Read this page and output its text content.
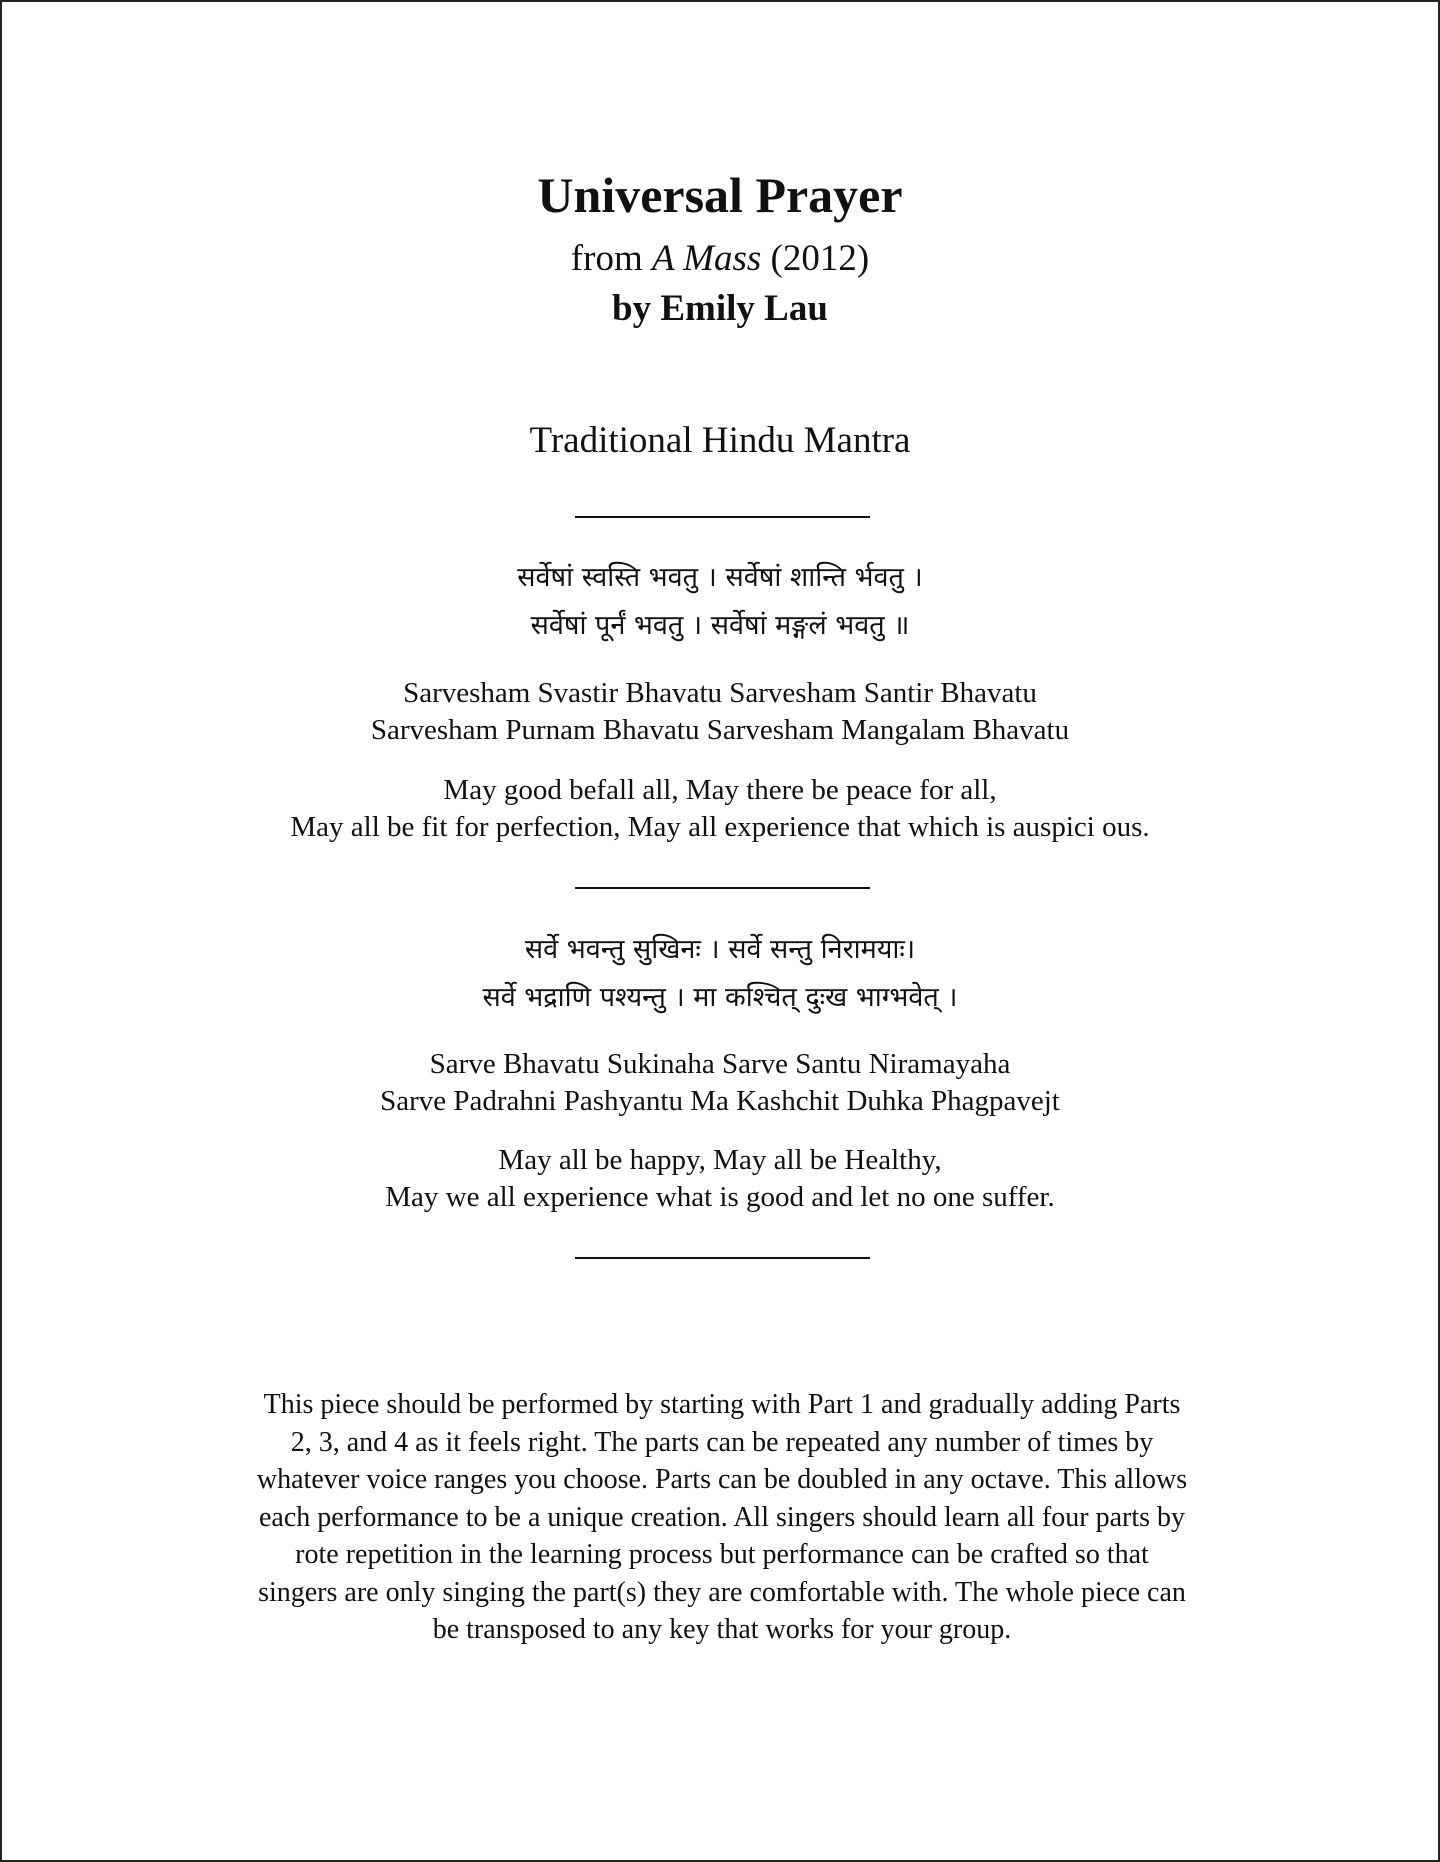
Universal Prayer
from A Mass (2012)
by Emily Lau
Traditional Hindu Mantra
सर्वेषां स्वस्ति भवतु । सर्वेषां शान्ति र्भवतु ।
सर्वेषां पूर्नं भवतु । सर्वेषां मङ्गलं भवतु ॥
Sarvesham Svastir Bhavatu Sarvesham Santir Bhavatu
Sarvesham Purnam Bhavatu Sarvesham Mangalam Bhavatu
May good befall all, May there be peace for all,
May all be fit for perfection, May all experience that which is auspici ous.
सर्वे भवन्तु सुखिनः । सर्वे सन्तु निरामयाः।
सर्वे भद्राणि पश्यन्तु । मा कश्चित् दुःख भाग्भवेत् ।
Sarve Bhavatu Sukinaha Sarve Santu Niramayaha
Sarve Padrahni Pashyantu Ma Kashchit Duhka Phagpavejt
May all be happy, May all be Healthy,
May we all experience what is good and let no one suffer.
This piece should be performed by starting with Part 1 and gradually adding Parts
2, 3, and 4 as it feels right. The parts can be repeated any number of times by
whatever voice ranges you choose. Parts can be doubled in any octave. This allows
each performance to be a unique creation. All singers should learn all four parts by
rote repetition in the learning process but performance can be crafted so that
singers are only singing the part(s) they are comfortable with. The whole piece can
be transposed to any key that works for your group.
